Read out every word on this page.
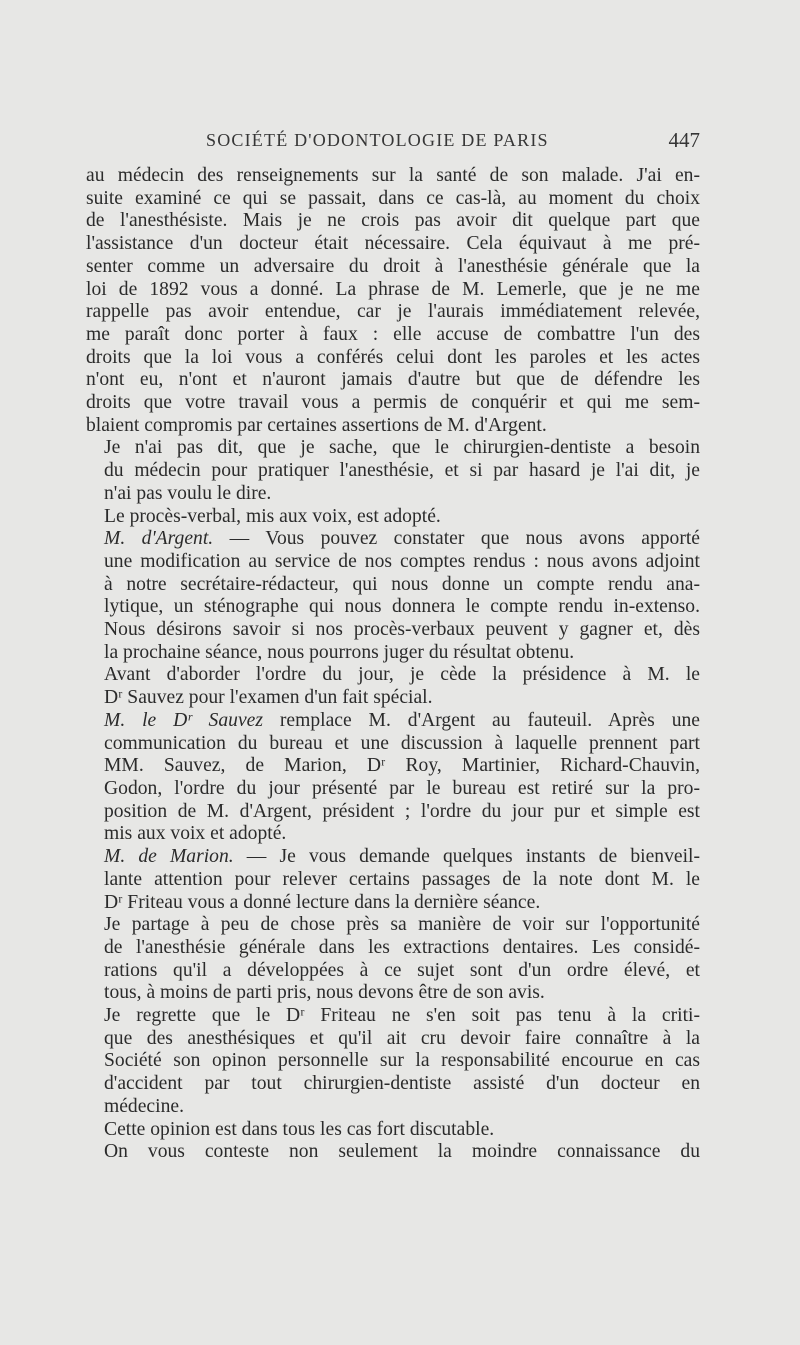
SOCIÉTÉ D'ODONTOLOGIE DE PARIS	447

au médecin des renseignements sur la santé de son malade. J'ai en-
suite examiné ce qui se passait, dans ce cas-là, au moment du choix
de l'anesthésiste. Mais je ne crois pas avoir dit quelque part que
l'assistance d'un docteur était nécessaire. Cela équivaut à me pré-
senter comme un adversaire du droit à l'anesthésie générale que la
loi de 1892 vous a donné. La phrase de M. Lemerle, que je ne me
rappelle pas avoir entendue, car je l'aurais immédiatement relevée,
me paraît donc porter à faux : elle accuse de combattre l'un des
droits que la loi vous a conférés celui dont les paroles et les actes
n'ont eu, n'ont et n'auront jamais d'autre but que de défendre les
droits que votre travail vous a permis de conquérir et qui me sem-
blaient compromis par certaines assertions de M. d'Argent.

Je n'ai pas dit, que je sache, que le chirurgien-dentiste a besoin
du médecin pour pratiquer l'anesthésie, et si par hasard je l'ai dit, je
n'ai pas voulu le dire.

Le procès-verbal, mis aux voix, est adopté.

M. d'Argent. — Vous pouvez constater que nous avons apporté
une modification au service de nos comptes rendus : nous avons adjoint
à notre secrétaire-rédacteur, qui nous donne un compte rendu ana-
lytique, un sténographe qui nous donnera le compte rendu in-extenso.
Nous désirons savoir si nos procès-verbaux peuvent y gagner et, dès
la prochaine séance, nous pourrons juger du résultat obtenu.

Avant d'aborder l'ordre du jour, je cède la présidence à M. le
Dʳ Sauvez pour l'examen d'un fait spécial.

M. le Dʳ Sauvez remplace M. d'Argent au fauteuil. Après une
communication du bureau et une discussion à laquelle prennent part
MM. Sauvez, de Marion, Dʳ Roy, Martinier, Richard-Chauvin,
Godon, l'ordre du jour présenté par le bureau est retiré sur la pro-
position de M. d'Argent, président ; l'ordre du jour pur et simple est
mis aux voix et adopté.

M. de Marion. — Je vous demande quelques instants de bienveil-
lante attention pour relever certains passages de la note dont M. le
Dʳ Friteau vous a donné lecture dans la dernière séance.

Je partage à peu de chose près sa manière de voir sur l'opportunité
de l'anesthésie générale dans les extractions dentaires. Les considé-
rations qu'il a développées à ce sujet sont d'un ordre élevé, et
tous, à moins de parti pris, nous devons être de son avis.

Je regrette que le Dʳ Friteau ne s'en soit pas tenu à la criti-
que des anesthésiques et qu'il ait cru devoir faire connaître à la
Société son opinon personnelle sur la responsabilité encourue en cas
d'accident par tout chirurgien-dentiste assisté d'un docteur en
médecine.

Cette opinion est dans tous les cas fort discutable.

On vous conteste non seulement la moindre connaissance du
